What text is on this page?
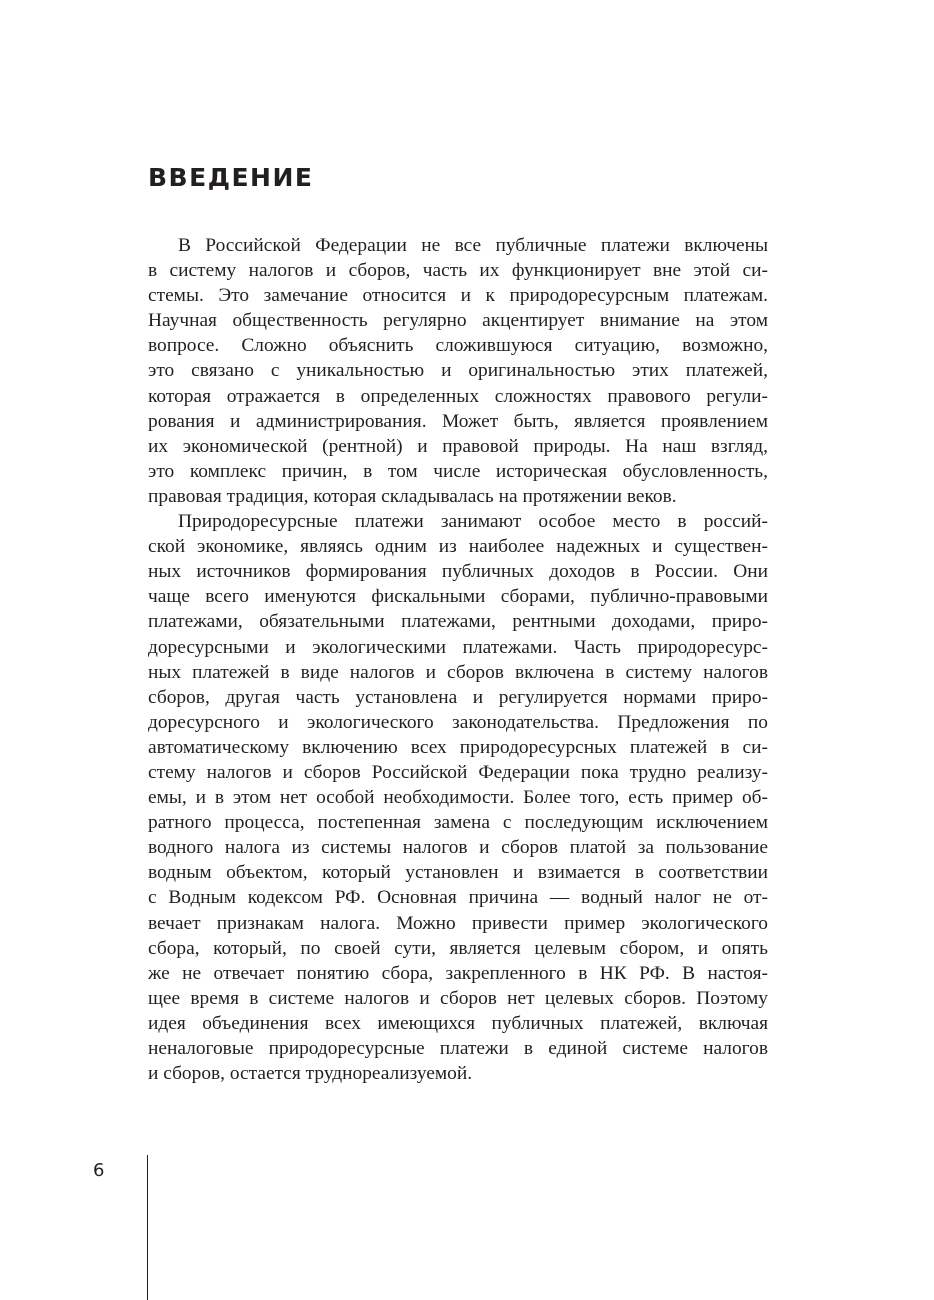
ВВЕДЕНИЕ

В Российской Федерации не все публичные платежи включены
в систему налогов и сборов, часть их функционирует вне этой си-
стемы. Это замечание относится и к природоресурсным платежам.
Научная общественность регулярно акцентирует внимание на этом
вопросе. Сложно объяснить сложившуюся ситуацию, возможно,
это связано с уникальностью и оригинальностью этих платежей,
которая отражается в определенных сложностях правового регули-
рования и администрирования. Может быть, является проявлением
их экономической (рентной) и правовой природы. На наш взгляд,
это комплекс причин, в том числе историческая обусловленность,
правовая традиция, которая складывалась на протяжении веков.

Природоресурсные платежи занимают особое место в россий-
ской экономике, являясь одним из наиболее надежных и существен-
ных источников формирования публичных доходов в России. Они
чаще всего именуются фискальными сборами, публично-правовыми
платежами, обязательными платежами, рентными доходами, приро-
доресурсными и экологическими платежами. Часть природоресурс-
ных платежей в виде налогов и сборов включена в систему налогов
сборов, другая часть установлена и регулируется нормами приро-
доресурсного и экологического законодательства. Предложения по
автоматическому включению всех природоресурсных платежей в си-
стему налогов и сборов Российской Федерации пока трудно реализу-
емы, и в этом нет особой необходимости. Более того, есть пример об-
ратного процесса, постепенная замена с последующим исключением
водного налога из системы налогов и сборов платой за пользование
водным объектом, который установлен и взимается в соответствии
с Водным кодексом РФ. Основная причина — водный налог не от-
вечает признакам налога. Можно привести пример экологического
сбора, который, по своей сути, является целевым сбором, и опять
же не отвечает понятию сбора, закрепленного в НК РФ. В настоя-
щее время в системе налогов и сборов нет целевых сборов. Поэтому
идея объединения всех имеющихся публичных платежей, включая
неналоговые природоресурсные платежи в единой системе налогов
и сборов, остается труднореализуемой.

6
